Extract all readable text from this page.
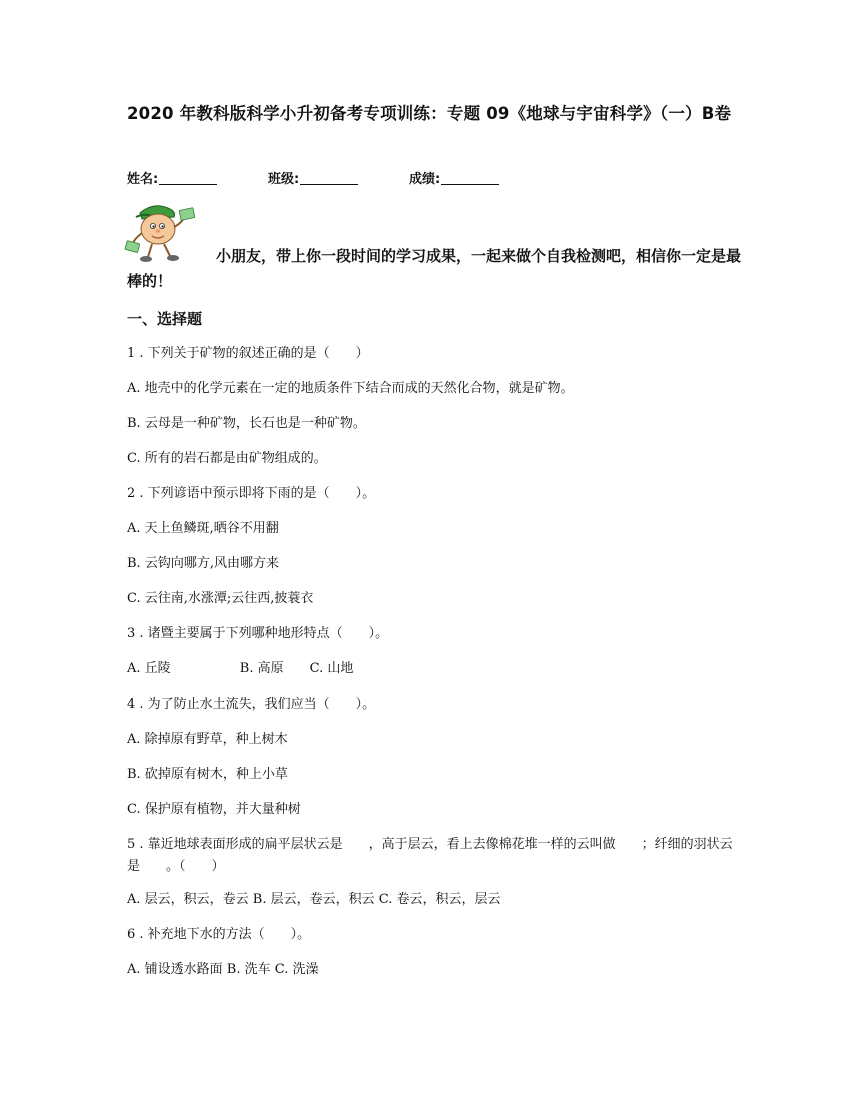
2020 年教科版科学小升初备考专项训练：专题 09《地球与宇宙科学》（一）B卷
姓名:	班级:	成绩:
小朋友，带上你一段时间的学习成果，一起来做个自我检测吧，相信你一定是最棒的！
一、选择题
1 . 下列关于矿物的叙述正确的是（　　）
A. 地壳中的化学元素在一定的地质条件下结合而成的天然化合物，就是矿物。
B. 云母是一种矿物，长石也是一种矿物。
C. 所有的岩石都是由矿物组成的。
2 . 下列谚语中预示即将下雨的是（　　）。
A. 天上鱼鳞斑,晒谷不用翻
B. 云钩向哪方,风由哪方来
C. 云往南,水涨潭;云往西,披蓑衣
3 . 诸暨主要属于下列哪种地形特点（　　）。
A. 丘陵　　　　　 B. 高原　　C. 山地
4 . 为了防止水土流失，我们应当（　　）。
A. 除掉原有野草，种上树木
B. 砍掉原有树木，种上小草
C. 保护原有植物，并大量种树
5 . 靠近地球表面形成的扁平层状云是　　，高于层云，看上去像棉花堆一样的云叫做　　；纤细的羽状云是　　。（　　）
A. 层云，积云，卷云 B. 层云，卷云，积云 C. 卷云，积云，层云
6 . 补充地下水的方法（　　）。
A. 铺设透水路面 B. 洗车 C. 洗澡
